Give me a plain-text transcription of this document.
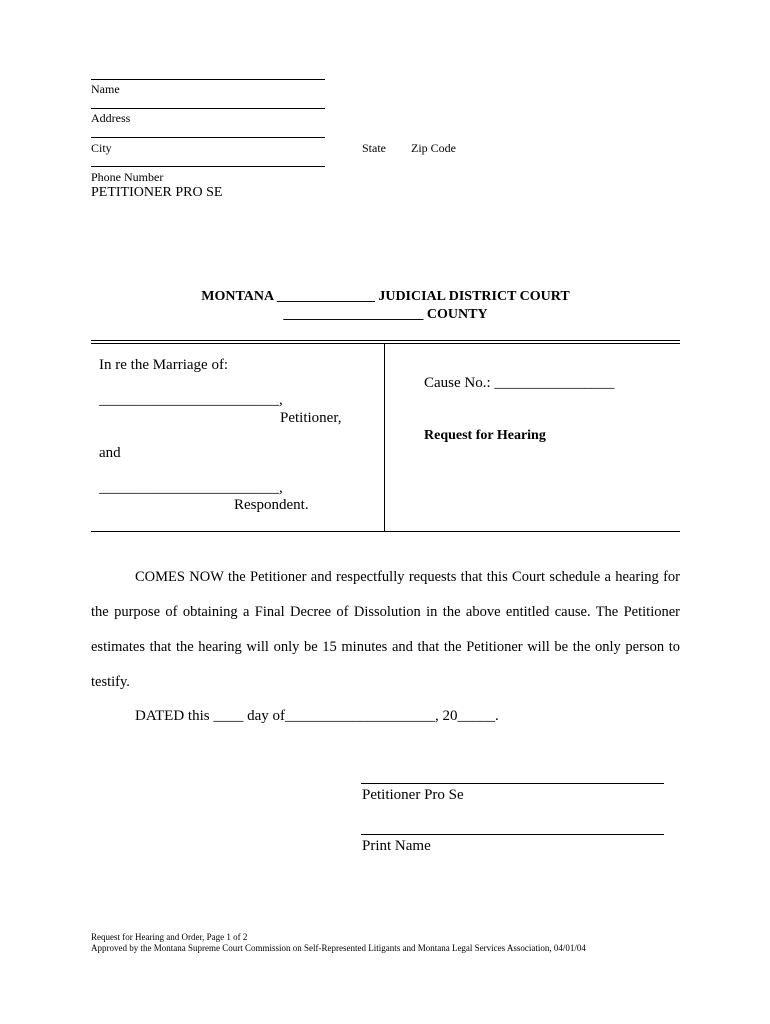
Name
Address
City	State Zip Code
Phone Number
PETITIONER PRO SE
MONTANA ______________ JUDICIAL DISTRICT COURT
____________________ COUNTY
In re the Marriage of:
________________________,
Petitioner,
and
________________________,
Respondent.
Cause No.: ________________
Request for Hearing
COMES NOW the Petitioner and respectfully requests that this Court schedule a hearing for the purpose of obtaining a Final Decree of Dissolution in the above entitled cause. The Petitioner estimates that the hearing will only be 15 minutes and that the Petitioner will be the only person to testify.
DATED this ____ day of____________________, 20_____.
Petitioner Pro Se
Print Name
Request for Hearing and Order, Page 1 of 2
Approved by the Montana Supreme Court Commission on Self-Represented Litigants and Montana Legal Services Association, 04/01/04
